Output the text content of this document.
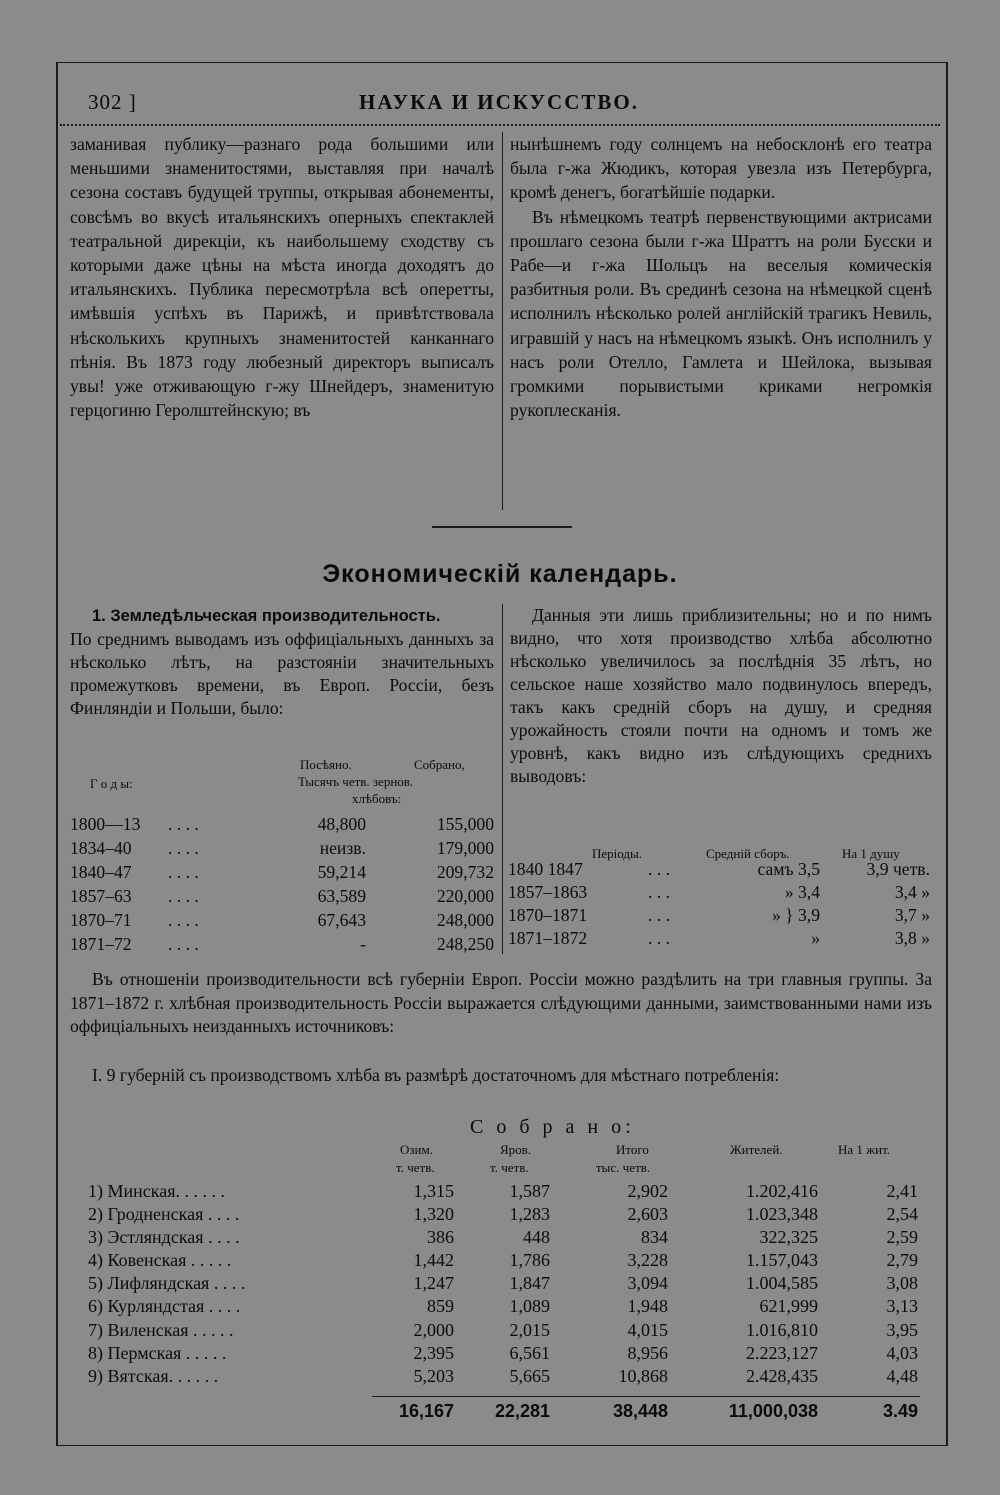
302 ]	НАУКА И ИСКУССТВО.

заманивая публику—разнаго рода большими или меньшими знаменитостями, выставляя при началѣ сезона составъ будущей труппы, открывая абонементы, совсѣмъ во вкусѣ итальянскихъ оперныхъ спектаклей театральной дирекціи, къ наибольшему сходству съ которыми даже цѣны на мѣста иногда доходятъ до итальянскихъ. Публика пересмотрѣла всѣ оперетты, имѣвшія успѣхъ въ Парижѣ, и привѣтствовала нѣсколькихъ крупныхъ знаменитостей канканнаго пѣнія. Въ 1873 году любезный директоръ выписалъ увы! уже отживающую г-жу Шнейдеръ, знаменитую герцогиню Геролштейнскую; въ

нынѣшнемъ году солнцемъ на небосклонѣ его театра была г-жа Жюдикъ, которая увезла изъ Петербурга, кромѣ денегъ, богатѣйшіе подарки.

Въ нѣмецкомъ театрѣ первенствующими актрисами прошлаго сезона были г-жа Шраттъ на роли Бусски и Рабе—и г-жа Шольцъ на веселыя комическія разбитныя роли. Въ срединѣ сезона на нѣмецкой сценѣ исполнилъ нѣсколько ролей англійскій трагикъ Невиль, игравшій у насъ на нѣмецкомъ языкѣ. Онъ исполнилъ у насъ роли Отелло, Гамлета и Шейлока, вызывая громкими порывистыми криками негромкія рукоплесканія.

Экономическій календарь.

1. Земледѣльческая производительность.

По среднимъ выводамъ изъ оффиціальныхъ данныхъ за нѣсколько лѣтъ, на разстояніи значительныхъ промежутковъ времени, въ Европ. Россіи, безъ Финляндіи и Польши, было:

Данныя эти лишь приблизительны; но и по нимъ видно, что хотя производство хлѣба абсолютно нѣсколько увеличилось за послѣднія 35 лѣтъ, но сельское наше хозяйство мало подвинулось впередъ, такъ какъ средній сборъ на душу, и средняя урожайность стояли почти на одномъ и томъ же уровнѣ, какъ видно изъ слѣдующихъ среднихъ выводовъ:

Г о д ы:
Посѣяно.	Собрано,
Тысячъ четв. зернов.
хлѣбовъ:
1800—13	. . . .	48,800	155,000
1834–40	. . . .	неизв.	179,000
1840–47	. . . .	59,214	209,732
1857–63	. . . .	63,589	220,000
1870–71	. . . .	67,643	248,000
1871–72	. . . .	-	248,250
Періоды.	Средній сборъ.	На 1 душу
1840 1847	. . .	самъ 3,5	3,9 четв.
1857–1863	. . .	» 3,4	3,4 »
1870–1871	. . .	» } 3,9	3,7 »
1871–1872	. . .	»	3,8 »
Въ отношеніи производительности всѣ губерніи Европ. Россіи можно раздѣлить на три главныя группы. За 1871–1872 г. хлѣбная производительность Россіи выражается слѣдующими данными, заимствованными нами изъ оффиціальныхъ неизданныхъ источниковъ:
I. 9 губерній съ производствомъ хлѣба въ размѣрѣ достаточномъ для мѣстнаго потребленія:
С о б р а н о:
Озим.	Яров.	Итого	Жителей.	На 1 жит.
т. четв.	т. четв.	тыс. четв.
1) Минская. . . . . .	1,315	1,587	2,902	1.202,416	2,41
2) Гродненская . . . .	1,320	1,283	2,603	1.023,348	2,54
3) Эстляндская . . . .	386	448	834	322,325	2,59
4) Ковенская . . . . .	1,442	1,786	3,228	1.157,043	2,79
5) Лифляндская . . . .	1,247	1,847	3,094	1.004,585	3,08
6) Курляндстая . . . .	859	1,089	1,948	621,999	3,13
7) Виленская . . . . .	2,000	2,015	4,015	1.016,810	3,95
8) Пермская . . . . .	2,395	6,561	8,956	2.223,127	4,03
9) Вятская. . . . . .	5,203	5,665	10,868	2.428,435	4,48
	16,167	22,281	38,448	11,000,038	3.49
